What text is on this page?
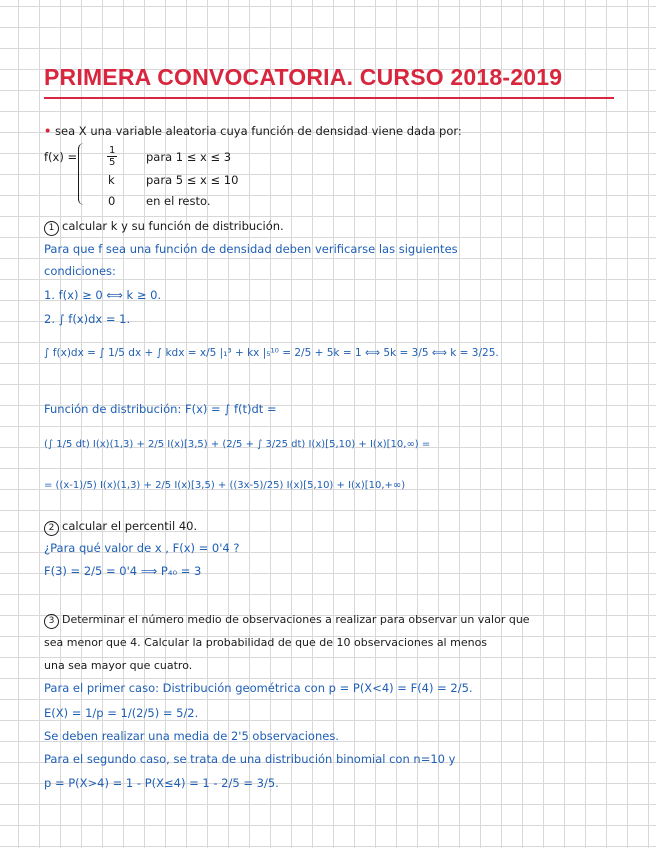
PRIMERA CONVOCATORIA. CURSO 2018-2019
• sea X una variable aleatoria cuya función de densidad viene dada por:
f(x) =	$\frac{1}{5}$ para 1 ≤ x ≤ 3
k	para 5 ≤ x ≤ 10
0	en el resto.
1 calcular k y su función de distribución.
Para que f sea una función de densidad deben verificarse las siguientes
condiciones:
1. f(x) ≥ 0 ⟺ k ≥ 0.
2. ∫ f(x)dx = 1.
∫ f(x)dx = ∫ 1/5 dx + ∫ kdx = x/5 |₁³ + kx |₅¹⁰ = 2/5 + 5k = 1 ⟺ 5k = 3/5 ⟺ k = 3/25.
Función de distribución: F(x) = ∫ f(t)dt =
(∫ 1/5 dt) I(x)(1,3) + 2/5 I(x)[3,5) + (2/5 + ∫ 3/25 dt) I(x)[5,10) + I(x)[10,∞) =
= ((x-1)/5) I(x)(1,3) + 2/5 I(x)[3,5) + ((3x-5)/25) I(x)[5,10) + I(x)[10,+∞)
2 calcular el percentil 40.
¿Para qué valor de x , F(x) = 0'4 ?
F(3) = 2/5 = 0'4 ⟹ P₄₀ = 3
3 Determinar el número medio de observaciones a realizar para observar un valor que
sea menor que 4. Calcular la probabilidad de que de 10 observaciones al menos
una sea mayor que cuatro.
Para el primer caso: Distribución geométrica con p = P(X<4) = F(4) = 2/5.
E(X) = 1/p = 1/(2/5) = 5/2.
Se deben realizar una media de 2'5 observaciones.
Para el segundo caso, se trata de una distribución binomial con n=10 y
p = P(X>4) = 1 - P(X≤4) = 1 - 2/5 = 3/5.
